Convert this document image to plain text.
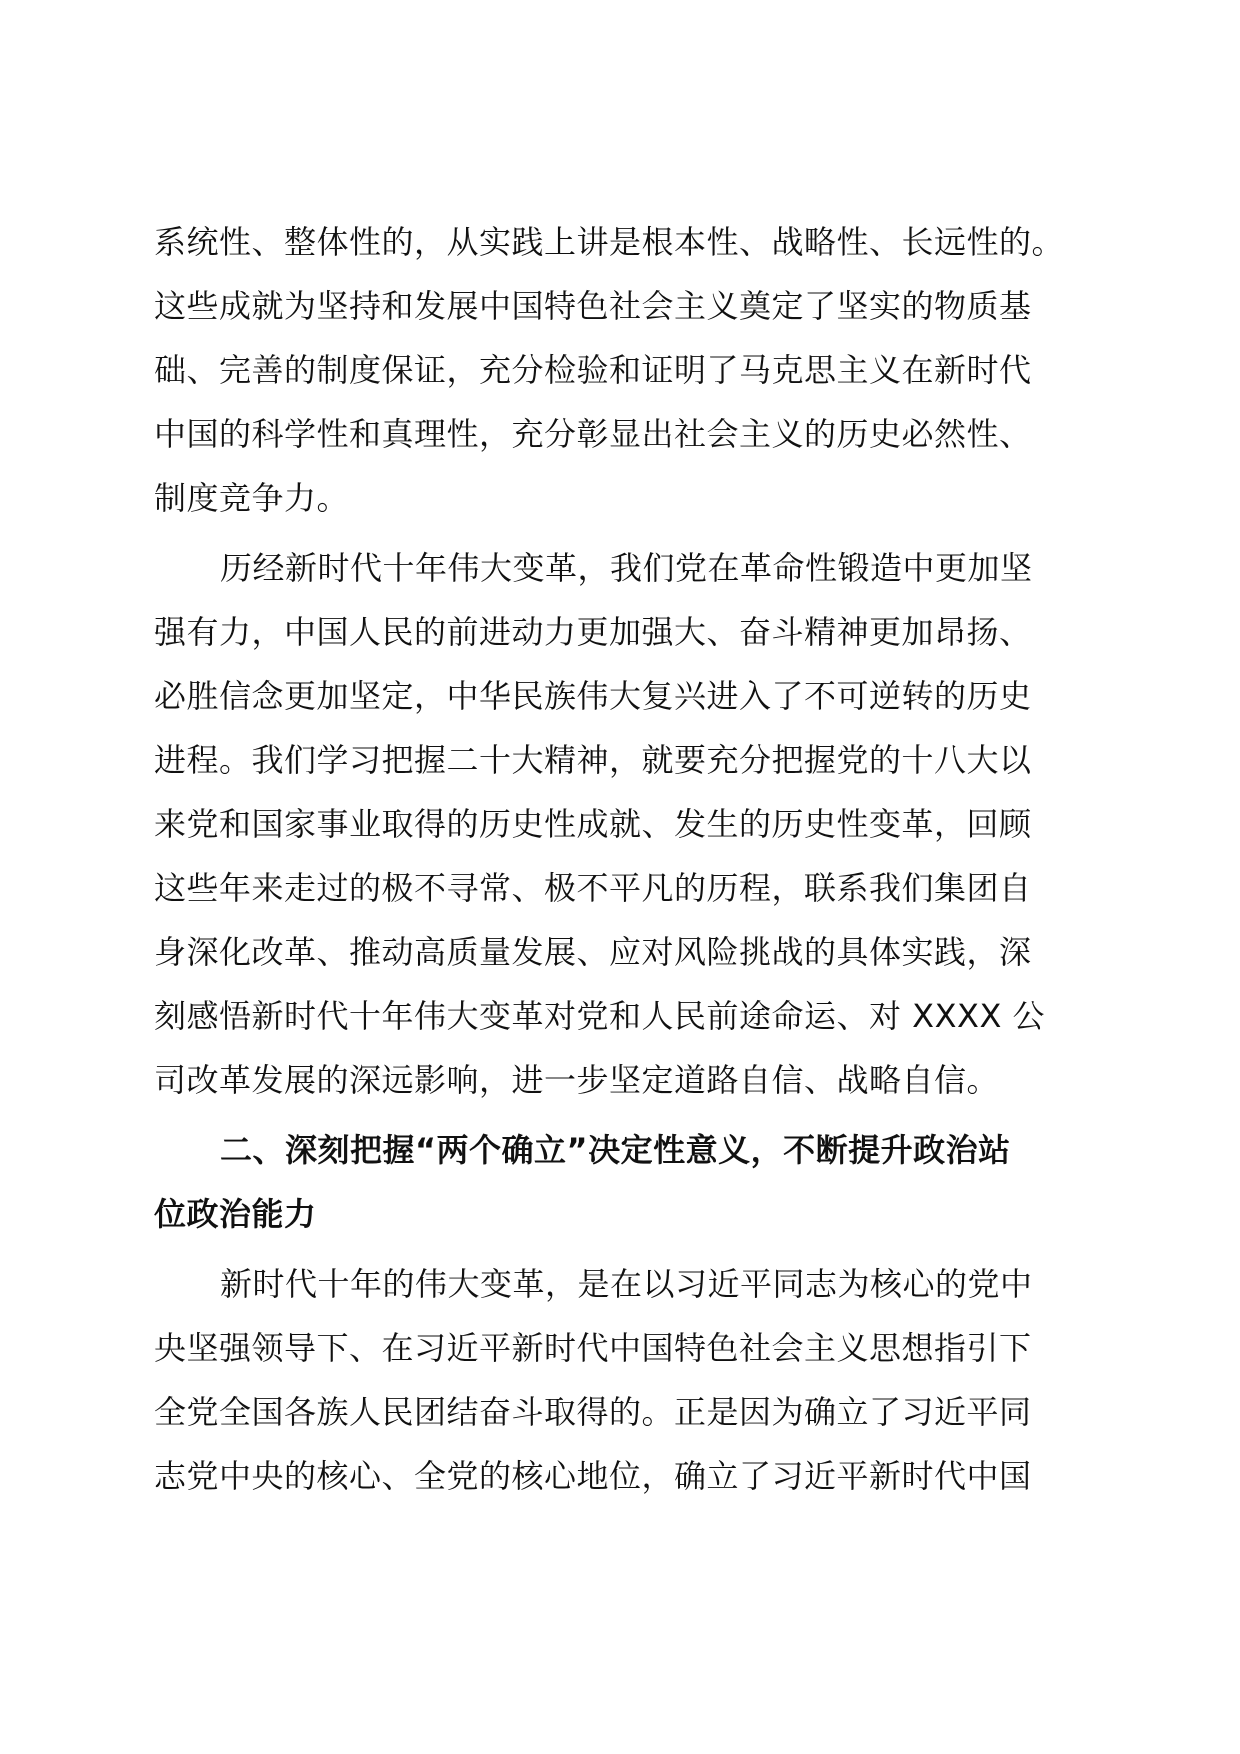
系统性、整体性的，从实践上讲是根本性、战略性、长远性的。
这些成就为坚持和发展中国特色社会主义奠定了坚实的物质基
础、完善的制度保证，充分检验和证明了马克思主义在新时代
中国的科学性和真理性，充分彰显出社会主义的历史必然性、
制度竞争力。
历经新时代十年伟大变革，我们党在革命性锻造中更加坚
强有力，中国人民的前进动力更加强大、奋斗精神更加昂扬、
必胜信念更加坚定，中华民族伟大复兴进入了不可逆转的历史
进程。我们学习把握二十大精神，就要充分把握党的十八大以
来党和国家事业取得的历史性成就、发生的历史性变革，回顾
这些年来走过的极不寻常、极不平凡的历程，联系我们集团自
身深化改革、推动高质量发展、应对风险挑战的具体实践，深
刻感悟新时代十年伟大变革对党和人民前途命运、对 XXXX 公
司改革发展的深远影响，进一步坚定道路自信、战略自信。
二、深刻把握“两个确立”决定性意义，不断提升政治站
位政治能力
新时代十年的伟大变革，是在以习近平同志为核心的党中
央坚强领导下、在习近平新时代中国特色社会主义思想指引下
全党全国各族人民团结奋斗取得的。正是因为确立了习近平同
志党中央的核心、全党的核心地位，确立了习近平新时代中国
